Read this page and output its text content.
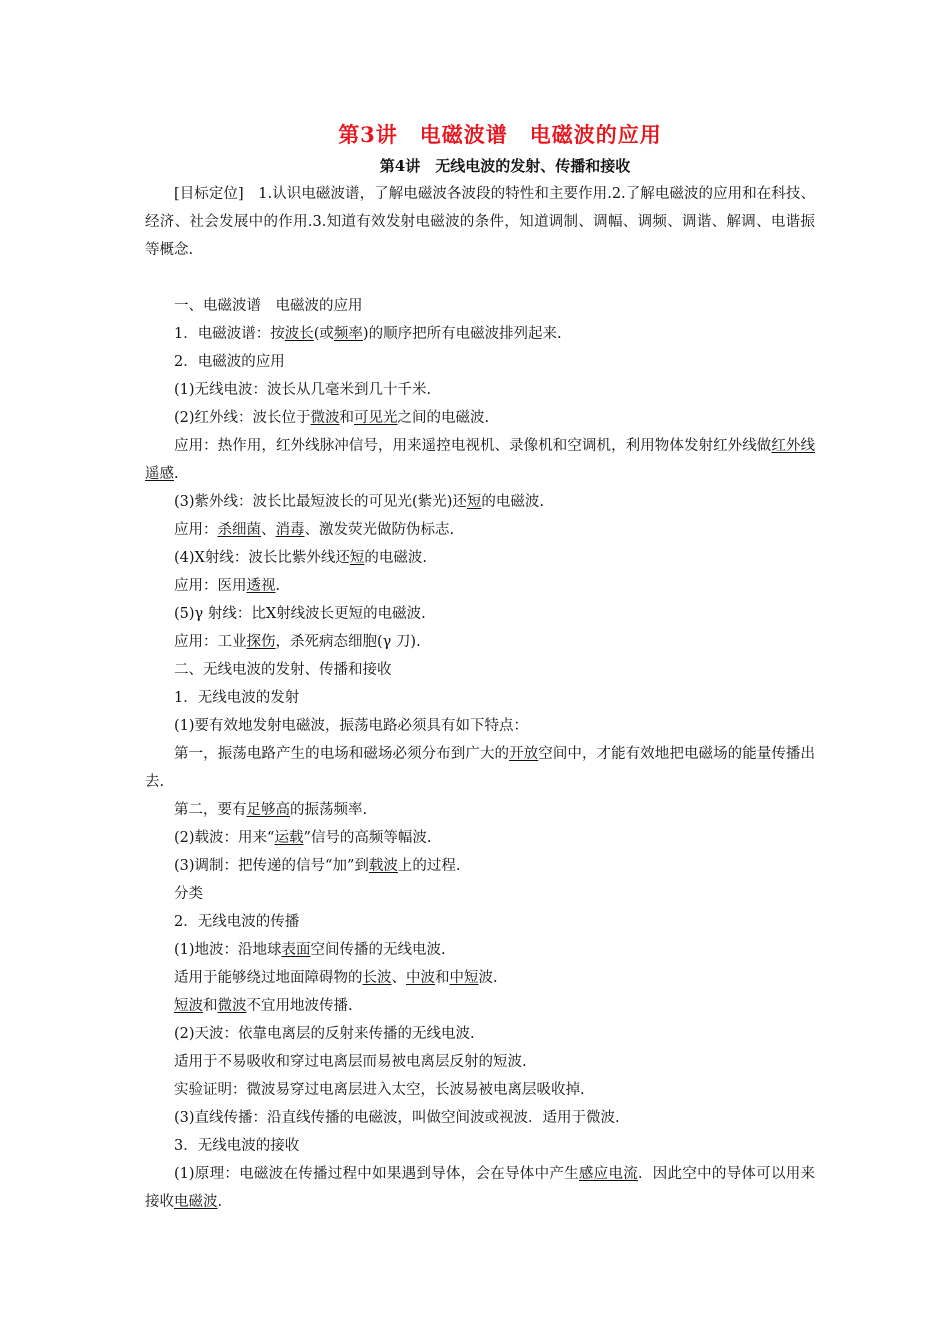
第3讲　电磁波谱　电磁波的应用
第4讲　无线电波的发射、传播和接收

[目标定位]　 1.认识电磁波谱，了解电磁波各波段的特性和主要作用.2.了解电磁波的应用和在科技、经济、社会发展中的作用.3.知道有效发射电磁波的条件，知道调制、调幅、调频、调谐、解调、电谐振等概念.

一、电磁波谱　电磁波的应用

1．电磁波谱：按波长(或频率)的顺序把所有电磁波排列起来.

2．电磁波的应用

(1)无线电波：波长从几毫米到几十千米.

(2)红外线：波长位于微波和可见光之间的电磁波.

应用：热作用，红外线脉冲信号，用来遥控电视机、录像机和空调机，利用物体发射红外线做红外线遥感.

(3)紫外线：波长比最短波长的可见光(紫光)还短的电磁波.

应用：杀细菌、消毒、激发荧光做防伪标志.

(4)X射线：波长比紫外线还短的电磁波.

应用：医用透视.

(5)γ 射线：比X射线波长更短的电磁波.

应用：工业探伤，杀死病态细胞(γ 刀).

二、无线电波的发射、传播和接收

1．无线电波的发射

(1)要有效地发射电磁波，振荡电路必须具有如下特点：

第一，振荡电路产生的电场和磁场必须分布到广大的开放空间中，才能有效地把电磁场的能量传播出去.

第二，要有足够高的振荡频率.

(2)载波：用来“运载”信号的高频等幅波.

(3)调制：把传递的信号“加”到载波上的过程.

分类

2．无线电波的传播

(1)地波：沿地球表面空间传播的无线电波.

适用于能够绕过地面障碍物的长波、中波和中短波.

短波和微波不宜用地波传播.

(2)天波：依靠电离层的反射来传播的无线电波.

适用于不易吸收和穿过电离层而易被电离层反射的短波.

实验证明：微波易穿过电离层进入太空，长波易被电离层吸收掉.

(3)直线传播：沿直线传播的电磁波，叫做空间波或视波．适用于微波.

3．无线电波的接收

(1)原理：电磁波在传播过程中如果遇到导体，会在导体中产生感应电流．因此空中的导体可以用来接收电磁波.
